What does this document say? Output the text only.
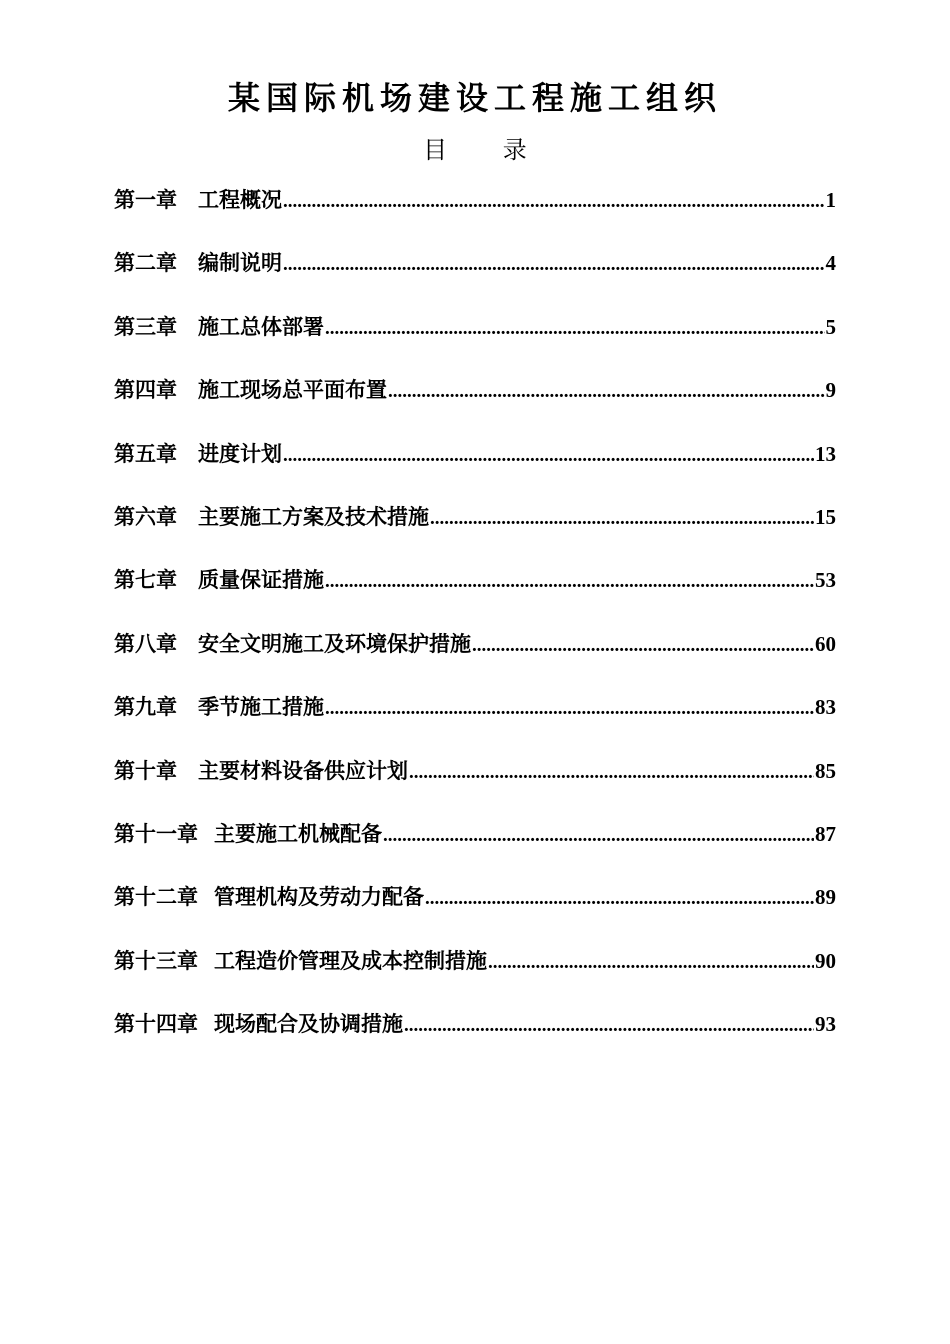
某国际机场建设工程施工组织
目 录
第一章	工程概况 .....	1
第二章	编制说明 .....	4
第三章	施工总体部署 .....	5
第四章	施工现场总平面布置 .....	9
第五章	进度计划 .....	13
第六章	主要施工方案及技术措施 .....	15
第七章	质量保证措施 .....	53
第八章	安全文明施工及环境保护措施 .....	60
第九章	季节施工措施 .....	83
第十章	主要材料设备供应计划 .....	85
第十一章 主要施工机械配备 .....	87
第十二章 管理机构及劳动力配备 .....	89
第十三章 工程造价管理及成本控制措施 .....	90
第十四章 现场配合及协调措施 .....	93
